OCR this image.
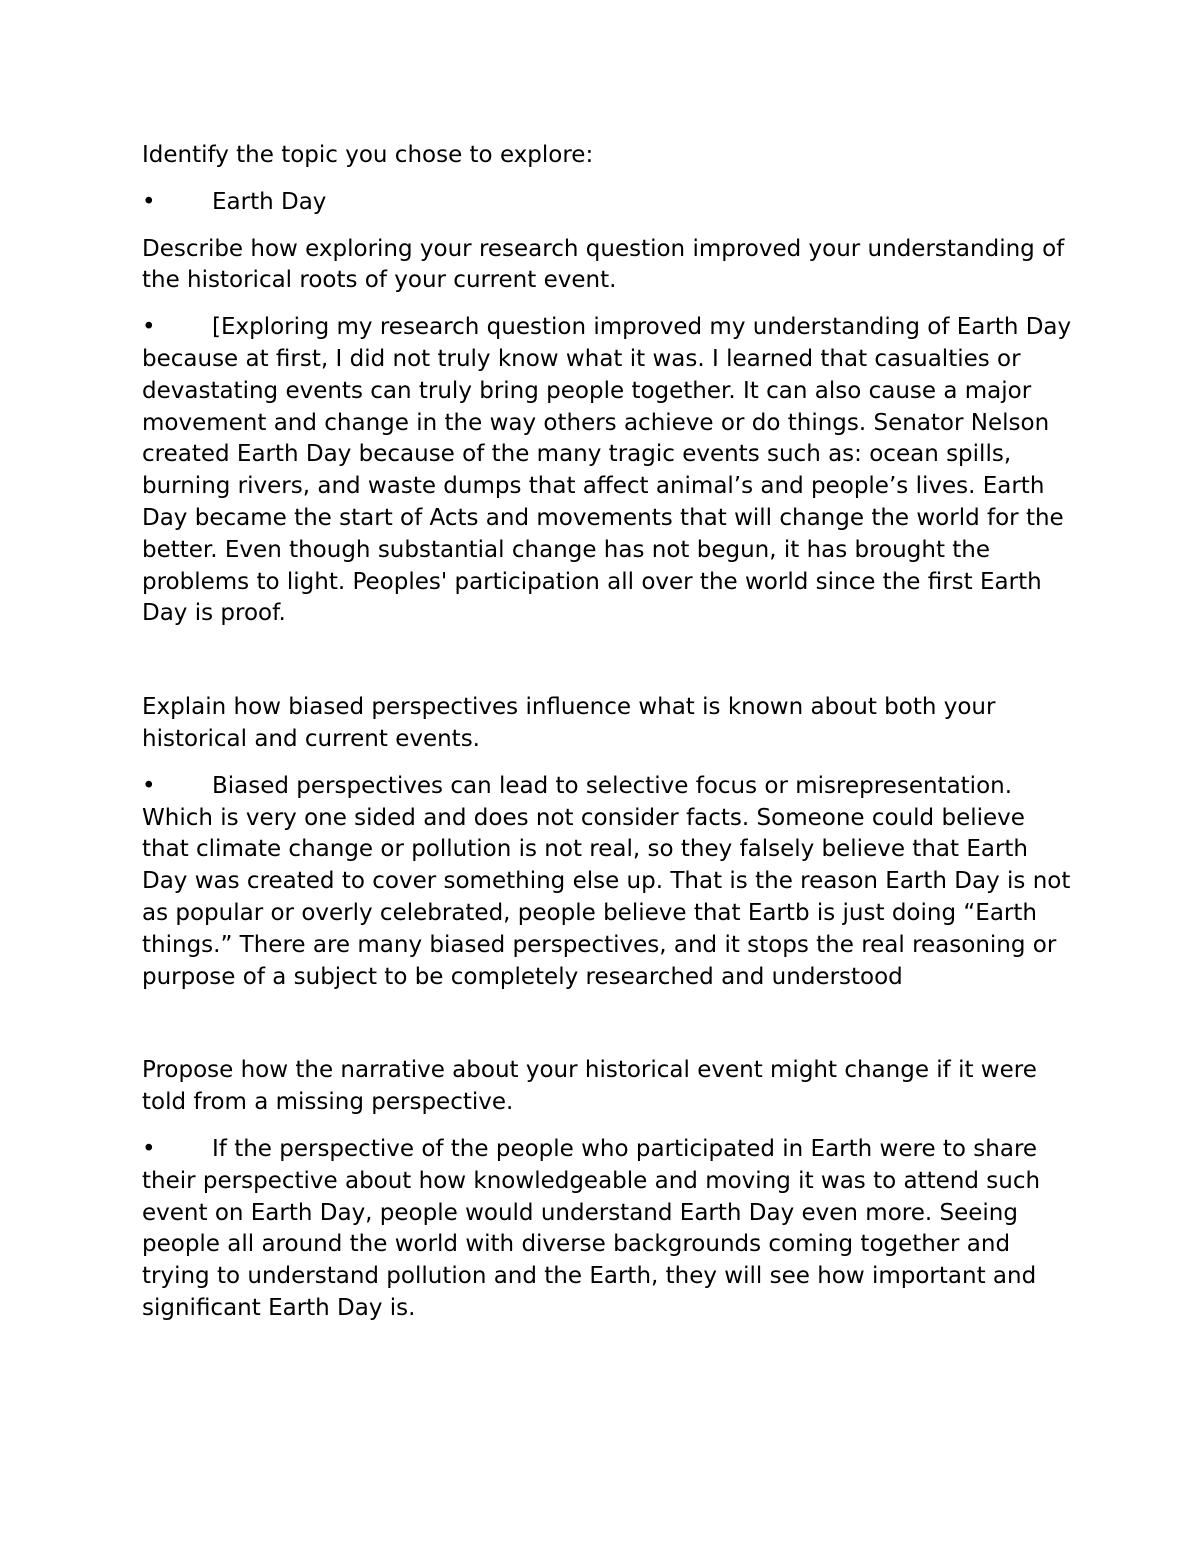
Identify the topic you chose to explore:

• Earth Day

Describe how exploring your research question improved your understanding of the historical roots of your current event.

• [Exploring my research question improved my understanding of Earth Day because at first, I did not truly know what it was. I learned that casualties or devastating events can truly bring people together. It can also cause a major movement and change in the way others achieve or do things. Senator Nelson created Earth Day because of the many tragic events such as: ocean spills, burning rivers, and waste dumps that affect animal’s and people’s lives. Earth Day became the start of Acts and movements that will change the world for the better. Even though substantial change has not begun, it has brought the problems to light. Peoples' participation all over the world since the first Earth Day is proof.

Explain how biased perspectives influence what is known about both your historical and current events.

• Biased perspectives can lead to selective focus or misrepresentation. Which is very one sided and does not consider facts. Someone could believe that climate change or pollution is not real, so they falsely believe that Earth Day was created to cover something else up. That is the reason Earth Day is not as popular or overly celebrated, people believe that Eartb is just doing “Earth things.” There are many biased perspectives, and it stops the real reasoning or purpose of a subject to be completely researched and understood

Propose how the narrative about your historical event might change if it were told from a missing perspective.

• If the perspective of the people who participated in Earth were to share their perspective about how knowledgeable and moving it was to attend such event on Earth Day, people would understand Earth Day even more. Seeing people all around the world with diverse backgrounds coming together and trying to understand pollution and the Earth, they will see how important and significant Earth Day is.
